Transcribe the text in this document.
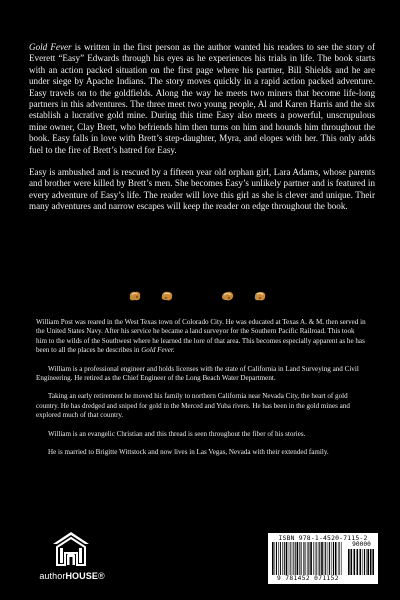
Gold Fever is written in the first person as the author wanted his readers to see the story of Everett “Easy” Edwards through his eyes as he experiences his trials in life. The book starts with an action packed situation on the first page where his partner, Bill Shields and he are under siege by Apache Indians. The story moves quickly in a rapid action packed adventure. Easy travels on to the goldfields. Along the way he meets two miners that become life-long partners in this adventures. The three meet two young people, Al and Karen Harris and the six establish a lucrative gold mine. During this time Easy also meets a powerful, unscrupulous mine owner, Clay Brett, who befriends him then turns on him and hounds him throughout the book. Easy falls in love with Brett’s step-daughter, Myra, and elopes with her. This only adds fuel to the fire of Brett’s hatred for Easy.

Easy is ambushed and is rescued by a fifteen year old orphan girl, Lara Adams, whose parents and brother were killed by Brett’s men. She becomes Easy’s unlikely partner and is featured in every adventure of Easy’s life. The reader will love this girl as she is clever and unique. Their many adventures and narrow escapes will keep the reader on edge throughout the book.

William Post was reared in the West Texas town of Colorado City. He was educated at Texas A. & M. then served in the United States Navy. After his service he became a land surveyor for the Southern Pacific Railroad. This took him to the wilds of the Southwest where he learned the lore of that area. This becomes especially apparent as he has been to all the places he describes in Gold Fever.

William is a professional engineer and holds licenses with the state of California in Land Surveying and Civil Engineering. He retired as the Chief Engineer of the Long Beach Water Department.

Taking an early retirement he moved his family to northern California near Nevada City, the heart of gold country. He has dredged and sniped for gold in the Merced and Yuba rivers. He has been in the gold mines and explored much of that country.

William is an evangelic Christian and this thread is seen throughout the fiber of his stories.

He is married to Brigitte Wittstock and now lives in Las Vegas, Nevada with their extended family.

authorHOUSE®
ISBN 978-1-4520-7115-2
90000
9 781452 071152
